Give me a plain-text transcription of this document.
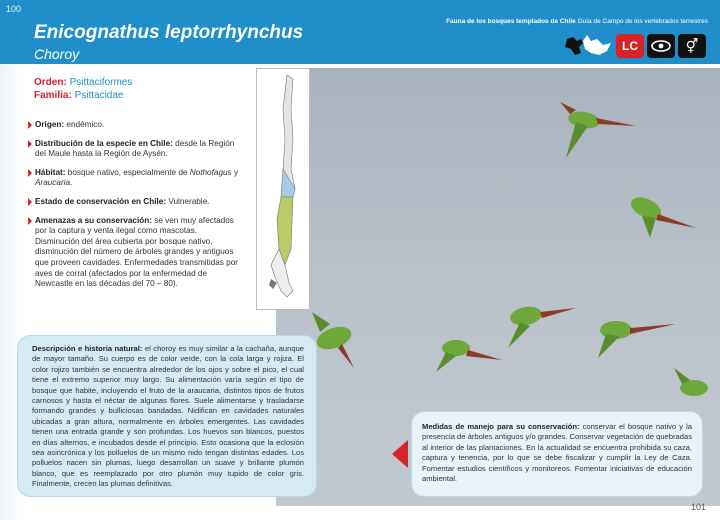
100
Enicognathus leptorrhynchus
Choroy
Fauna de los bosques templados de Chile Guía de Campo de los vertebrados terrestres
LC	⚥
Orden: Psittaciformes
Familia: Psittacidae
Origen: endémico.
Distribución de la especie en Chile: desde la Región del Maule hasta la Región de Aysén.
Hábitat: bosque nativo, especialmente de Nothofagus y Araucaria.
Estado de conservación en Chile: Vulnerable.
Amenazas a su conservación: se ven muy afectados por la captura y venta ilegal como mascotas. Disminución del área cubierta por bosque nativo, disminución del número de árboles grandes y antiguos que proveen cavidades. Enfermedades transmitidas por aves de corral (afectados por la enfermedad de Newcastle en las décadas del 70 – 80).
Descripción e historia natural: el choroy es muy similar a la cachaña, aunque de mayor tamaño. Su cuerpo es de color verde, con la cola larga y rojiza. El color rojizo también se encuentra alrededor de los ojos y sobre el pico, el cual tiene el extremo superior muy largo. Su alimentación varía según el tipo de bosque que habite, incluyendo el fruto de la araucaria, distintos tipos de frutos carnosos y hasta el néctar de algunas flores. Suele alimentarse y trasladarse formando grandes y bulliciosas bandadas. Nidifican en cavidades naturales ubicadas a gran altura, normalmente en árboles emergentes. Las cavidades tienen una entrada grande y son profundas. Los huevos son blancos, puestos en días alternos, e incubados desde el principio. Esto ocasiona que la eclosión sea asincrónica y los polluelos de un mismo nido tengan distintas edades. Los polluelos nacen sin plumas, luego desarrollan un suave y brillante plumón blanco, que es reemplazado por otro plumón muy tupido de color gris. Finalmente, crecen las plumas definitivas.
Medidas de manejo para su conservación: conservar el bosque nativo y la presencia de árboles antiguos y/o grandes. Conservar vegetación de quebradas al interior de las plantaciones. En la actualidad se encuentra prohibida su caza, captura y tenencia, por lo que se debe fiscalizar y cumplir la Ley de Caza. Fomentar estudios científicos y monitoreos. Fomentar iniciativas de educación ambiental.
101
